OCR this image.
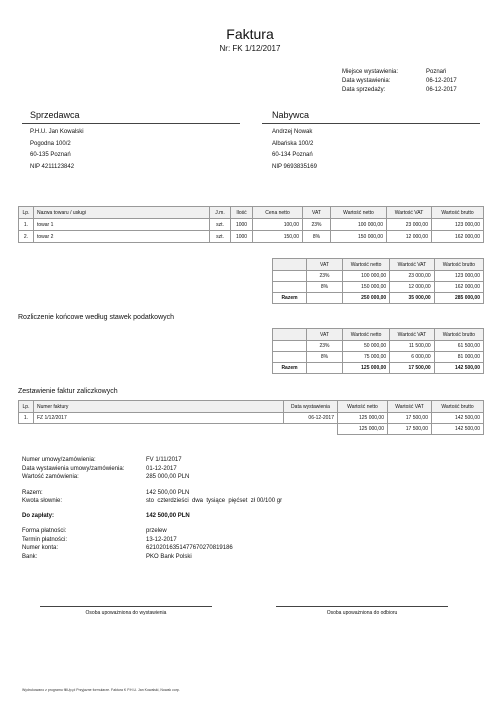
Faktura
Nr: FK 1/12/2017
Miejsce wystawienia:	Poznań
Data wystawienia:	06-12-2017
Data sprzedaży:	06-12-2017
Sprzedawca
P.H.U. Jan Kowalski
Pogodna 100/2
60-135 Poznań
NIP 4211123842
Nabywca
Andrzej Nowak
Albańska 100/2
60-134 Poznań
NIP 9693835169
Lp.	Nazwa towaru / usługi	J.m.	Ilość	Cena netto	VAT	Wartość netto	Wartość VAT	Wartość brutto
1.	towar 1	szt.	1000	100,00	23%	100 000,00	23 000,00	123 000,00
2.	towar 2	szt.	1000	150,00	8%	150 000,00	12 000,00	162 000,00
	VAT	Wartość netto	Wartość VAT	Wartość brutto
	23%	100 000,00	23 000,00	123 000,00
	8%	150 000,00	12 000,00	162 000,00
Razem		250 000,00	35 000,00	285 000,00
Rozliczenie końcowe według stawek podatkowych
	VAT	Wartość netto	Wartość VAT	Wartość brutto
	23%	50 000,00	11 500,00	61 500,00
	8%	75 000,00	6 000,00	81 000,00
Razem		125 000,00	17 500,00	142 500,00
Zestawienie faktur zaliczkowych
Lp.	Numer faktury	Data wystawienia	Wartość netto	Wartość VAT	Wartość brutto
1.	FZ 1/12/2017	06-12-2017	125 000,00	17 500,00	142 500,00
			125 000,00	17 500,00	142 500,00
Numer umowy/zamówienia:	FV 1/11/2017
Data wystawienia umowy/zamówienia:	01-12-2017
Wartość zamówienia:	285 000,00 PLN
Razem:	142 500,00 PLN
Kwota słownie:	sto  czterdzieści  dwa  tysiące  pięćset  zł 00/100 gr
Do zapłaty:	142 500,00 PLN
Forma płatności:	przelew
Termin płatności:	13-12-2017
Numer konta:	62102016351477670270819186
Bank:	PKO Bank Polski
Osoba upoważniona do wystawienia	Osoba upoważniona do odbioru
Wydrukowano z programu fillUp.pl Przyjazne formularze. Faktura K P.H.U. Jan Kowalski, Nowak corp.
